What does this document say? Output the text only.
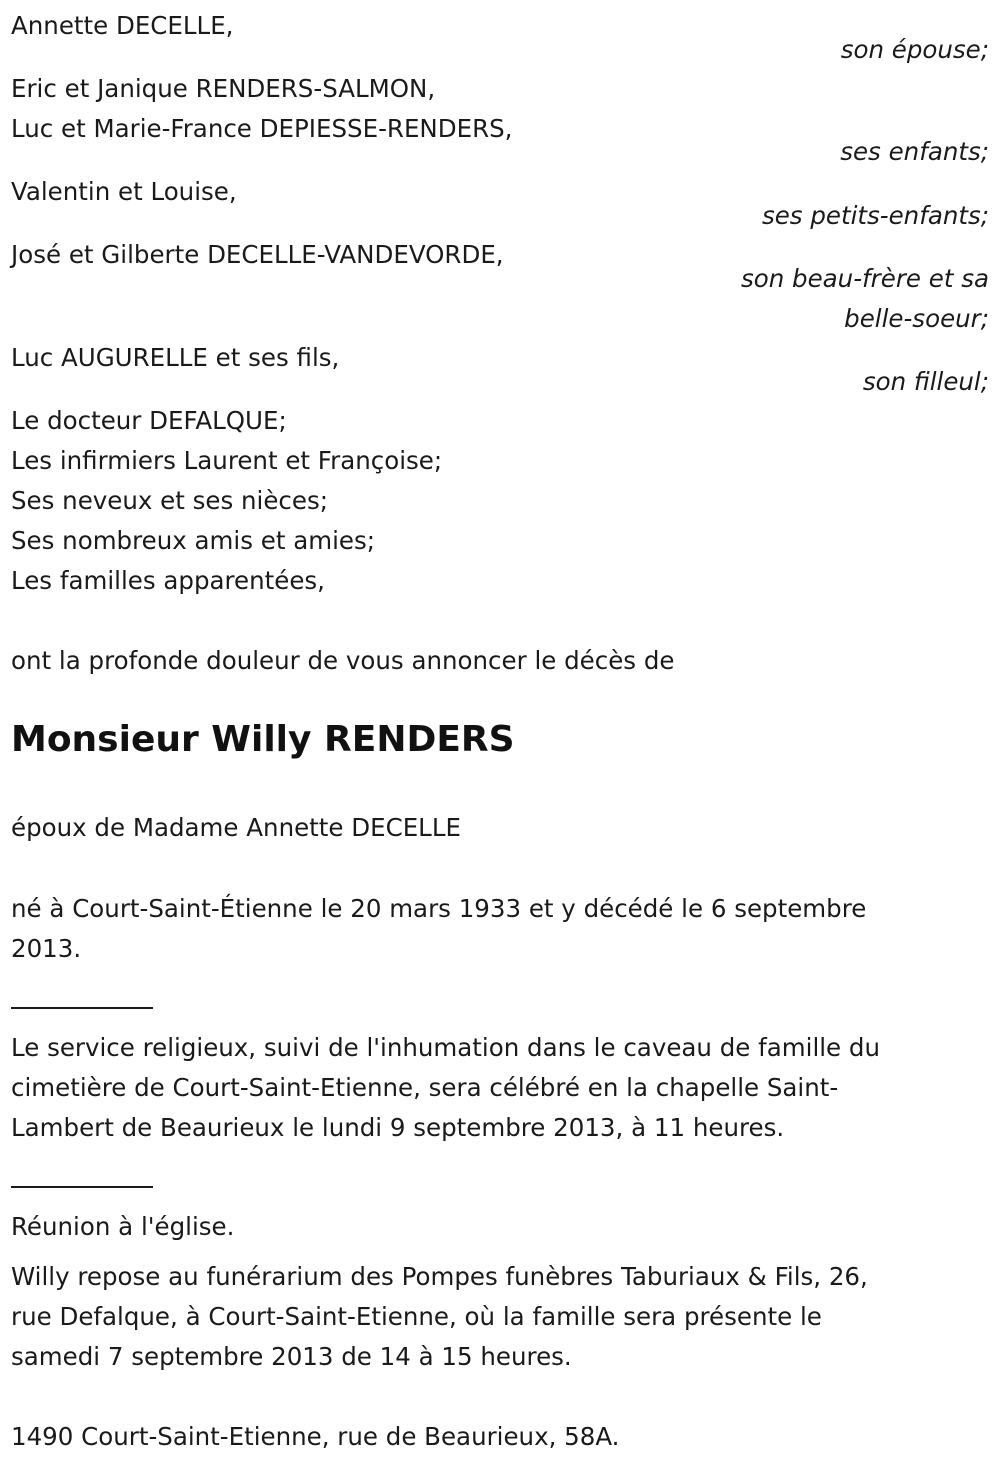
Annette DECELLE,
son épouse;
Eric et Janique RENDERS-SALMON,
Luc et Marie-France DEPIESSE-RENDERS,
ses enfants;
Valentin et Louise,
ses petits-enfants;
José et Gilberte DECELLE-VANDEVORDE,
son beau-frère et sa
belle-soeur;
Luc AUGURELLE et ses fils,
son filleul;
Le docteur DEFALQUE;
Les infirmiers Laurent et Françoise;
Ses neveux et ses nièces;
Ses nombreux amis et amies;
Les familles apparentées,
ont la profonde douleur de vous annoncer le décès de
Monsieur Willy RENDERS
époux de Madame Annette DECELLE
né à Court-Saint-Étienne le 20 mars 1933 et y décédé le 6 septembre
2013.
Le service religieux, suivi de l'inhumation dans le caveau de famille du
cimetière de Court-Saint-Etienne, sera célébré en la chapelle Saint-
Lambert de Beaurieux le lundi 9 septembre 2013, à 11 heures.
Réunion à l'église.
Willy repose au funérarium des Pompes funèbres Taburiaux & Fils, 26,
rue Defalque, à Court-Saint-Etienne, où la famille sera présente le
samedi 7 septembre 2013 de 14 à 15 heures.
1490 Court-Saint-Etienne, rue de Beaurieux, 58A.
